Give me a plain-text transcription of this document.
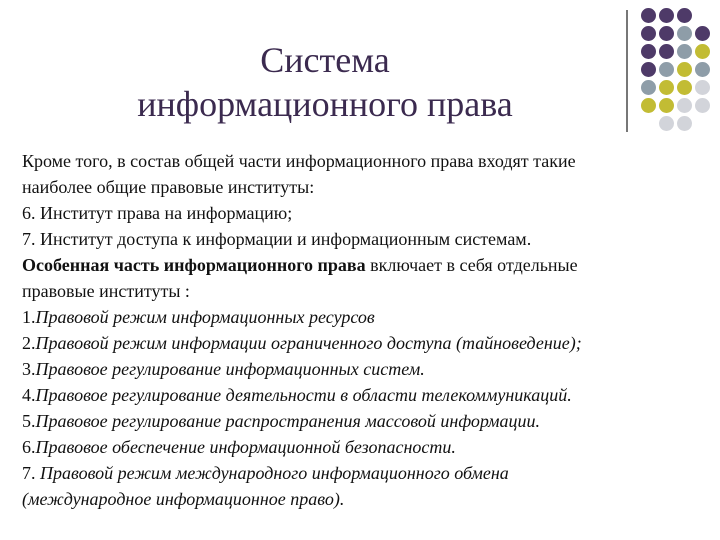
Система
информационного права
Кроме того, в состав общей части информационного права входят такие
наиболее общие правовые институты:
6. Институт права на информацию;
7. Институт доступа к информации и информационным системам.
Особенная часть информационного права включает в себя отдельные
правовые институты :
1.Правовой режим информационных ресурсов
2.Правовой режим информации ограниченного доступа (тайноведение);
3.Правовое регулирование информационных систем.
4.Правовое регулирование деятельности в области телекоммуникаций.
5.Правовое регулирование распространения массовой информации.
6.Правовое обеспечение информационной безопасности.
7. Правовой режим международного информационного обмена
(международное информационное право).
